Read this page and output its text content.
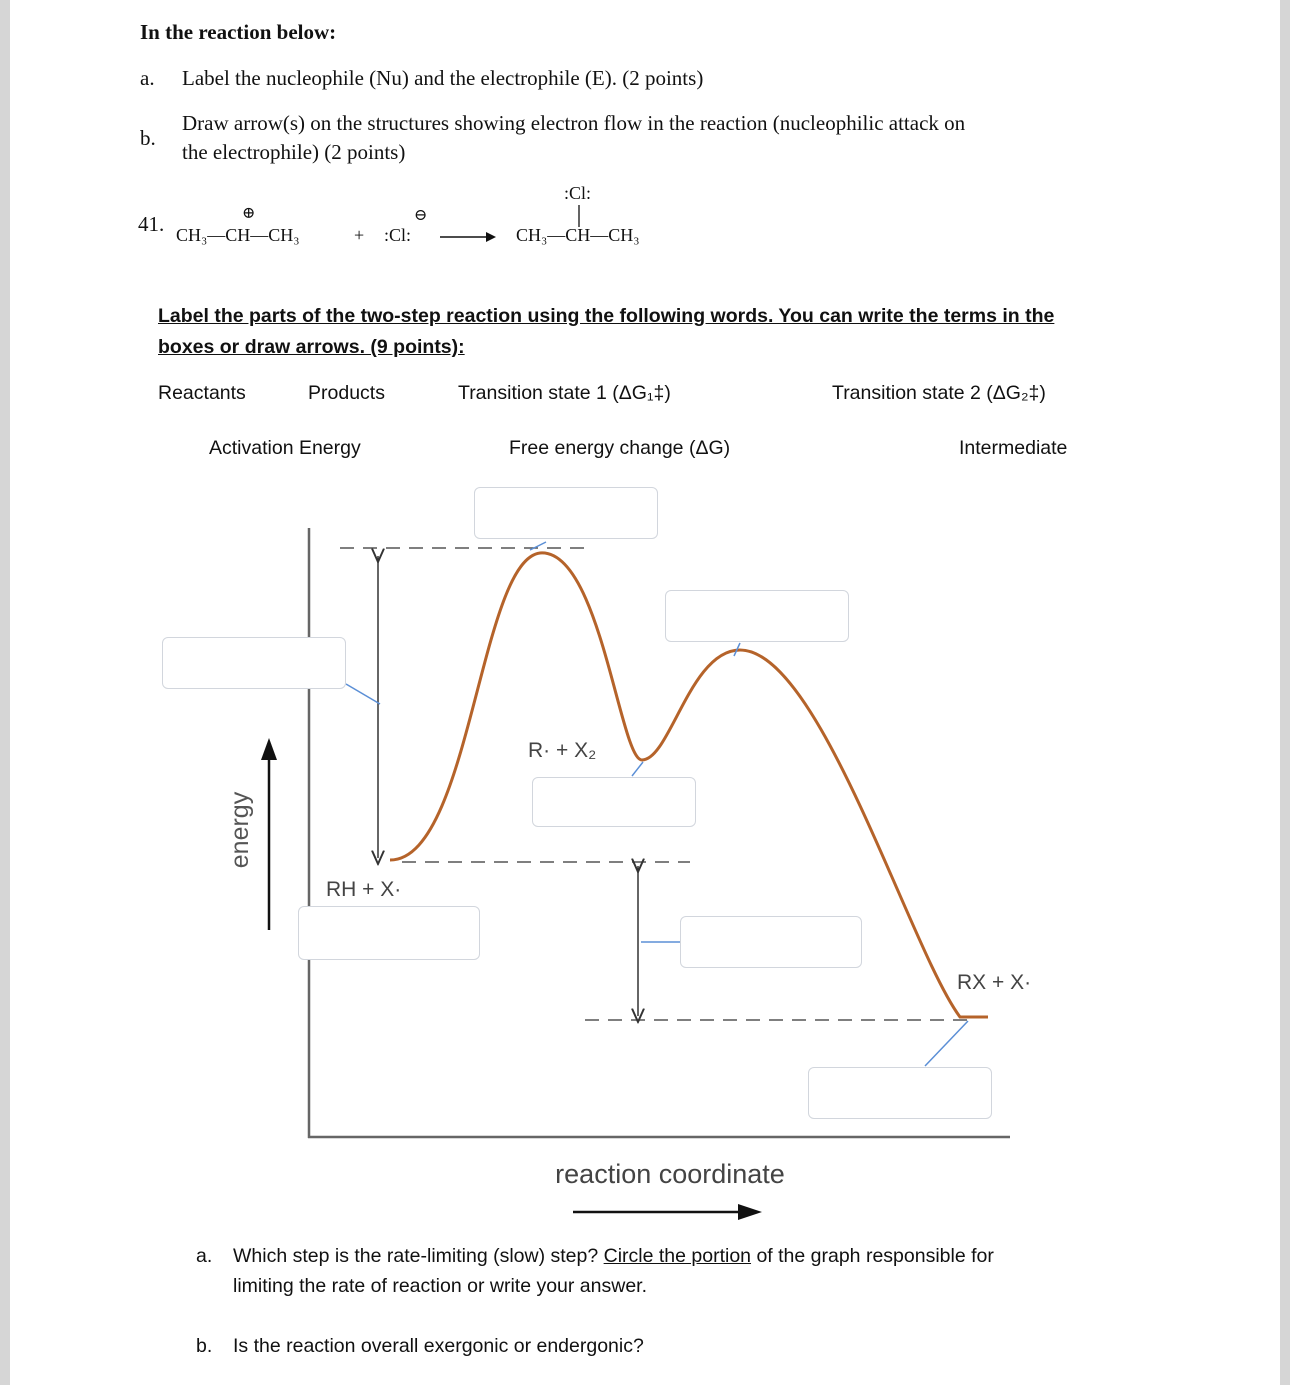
In the reaction below:
a. Label the nucleophile (Nu) and the electrophile (E). (2 points)
b.
Draw arrow(s) on the structures showing electron flow in the reaction (nucleophilic attack on
the electrophile) (2 points)
41. CH₃—CH—CH₃
⊕
+ :Cl:
⊖
:Cl:
CH₃—CH—CH₃
Label the parts of the two-step reaction using the following words. You can write the terms in the
boxes or draw arrows. (9 points):
Reactants	Products	Transition state 1 (ΔG₁‡)	Transition state 2 (ΔG₂‡)
Activation Energy	Free energy change (ΔG)	Intermediate
energy
reaction coordinate
RH + X·
R· + X₂
RX + X·
a. Which step is the rate-limiting (slow) step? Circle the portion of the graph responsible for
limiting the rate of reaction or write your answer.
b. Is the reaction overall exergonic or endergonic?
